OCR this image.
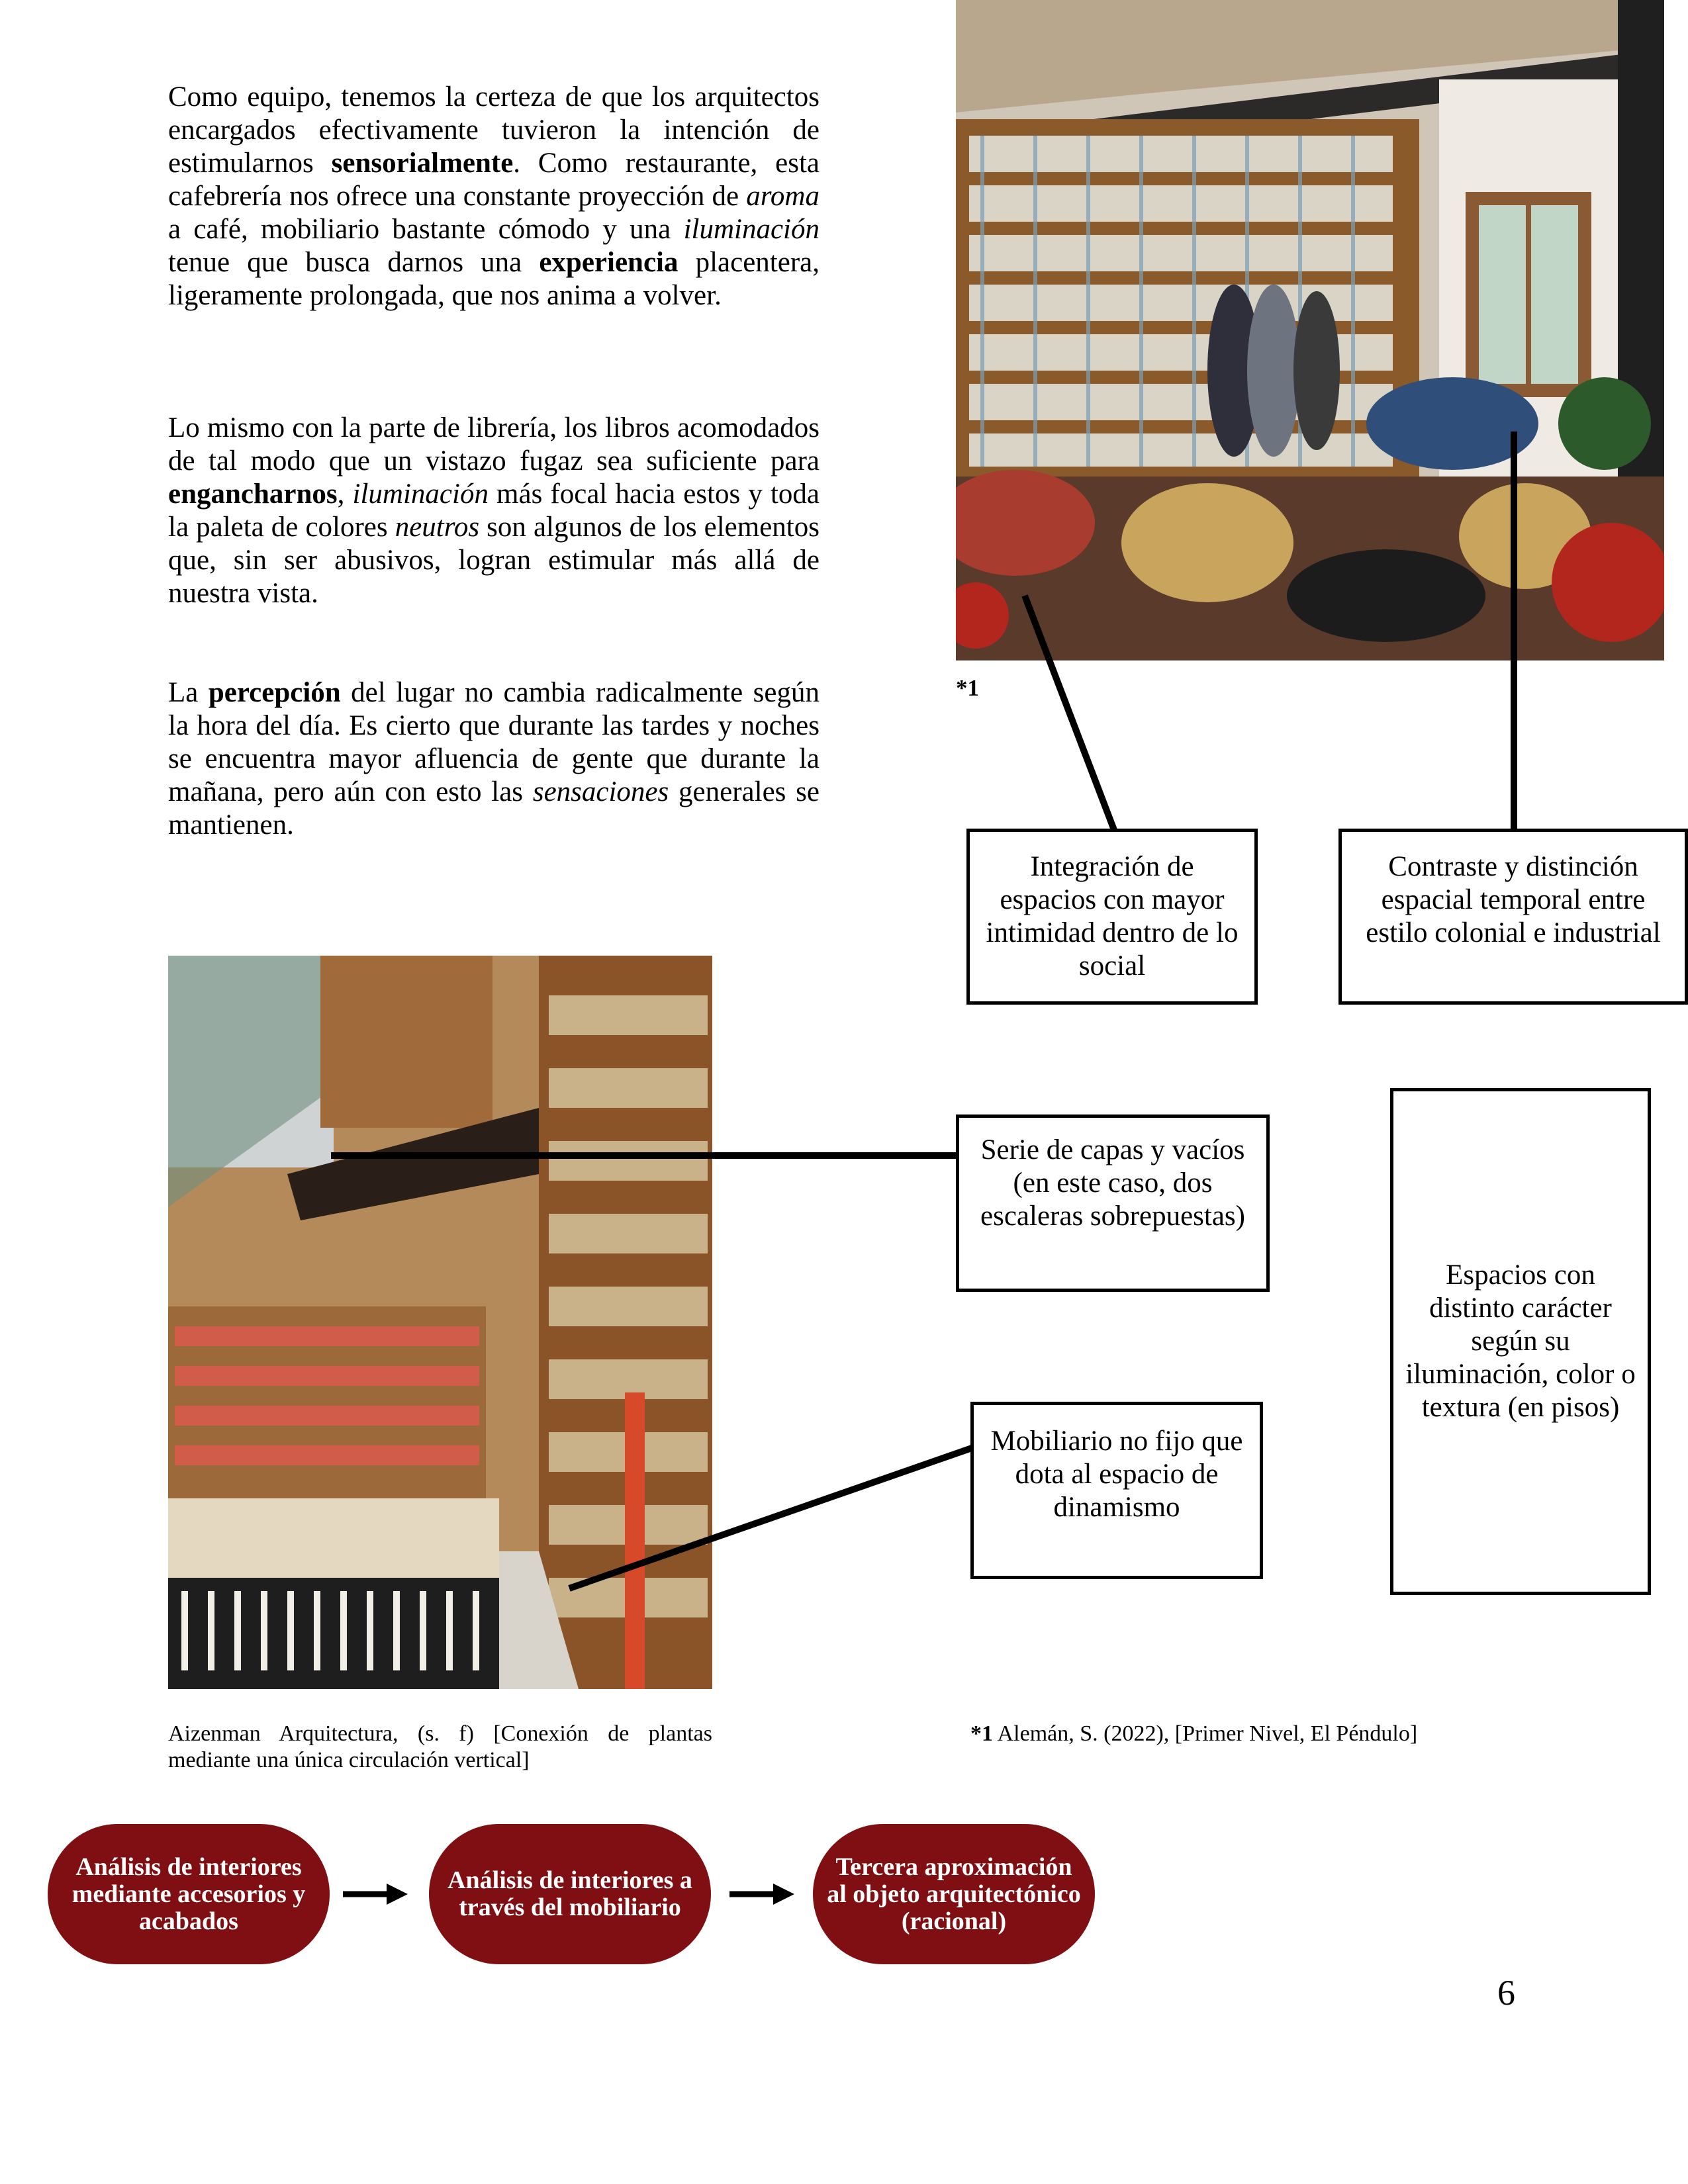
Como equipo, tenemos la certeza de que los arquitectos encargados efectivamente tuvieron la intención de estimularnos sensorialmente. Como restaurante, esta cafebrería nos ofrece una constante proyección de aroma a café, mobiliario bastante cómodo y una iluminación tenue que busca darnos una experiencia placentera, ligeramente prolongada, que nos anima a volver.

Lo mismo con la parte de librería, los libros acomodados de tal modo que un vistazo fugaz sea suficiente para engancharnos, iluminación más focal hacia estos y toda la paleta de colores neutros son algunos de los elementos que, sin ser abusivos, logran estimular más allá de nuestra vista.

La percepción del lugar no cambia radicalmente según la hora del día. Es cierto que durante las tardes y noches se encuentra mayor afluencia de gente que durante la mañana, pero aún con esto las sensaciones generales se mantienen.

*1
Integración de espacios con mayor intimidad dentro de lo social
Contraste y distinción espacial temporal entre estilo colonial e industrial
Serie de capas y vacíos (en este caso, dos escaleras sobrepuestas)
Mobiliario no fijo que dota al espacio de dinamismo
Espacios con distinto carácter según su iluminación, color o textura (en pisos)

Aizenman Arquitectura, (s. f) [Conexión de plantas mediante una única circulación vertical]

*1 Alemán, S. (2022), [Primer Nivel, El Péndulo]

Análisis de interiores mediante accesorios y acabados
Análisis de interiores a través del mobiliario
Tercera aproximación al objeto arquitectónico (racional)
6
